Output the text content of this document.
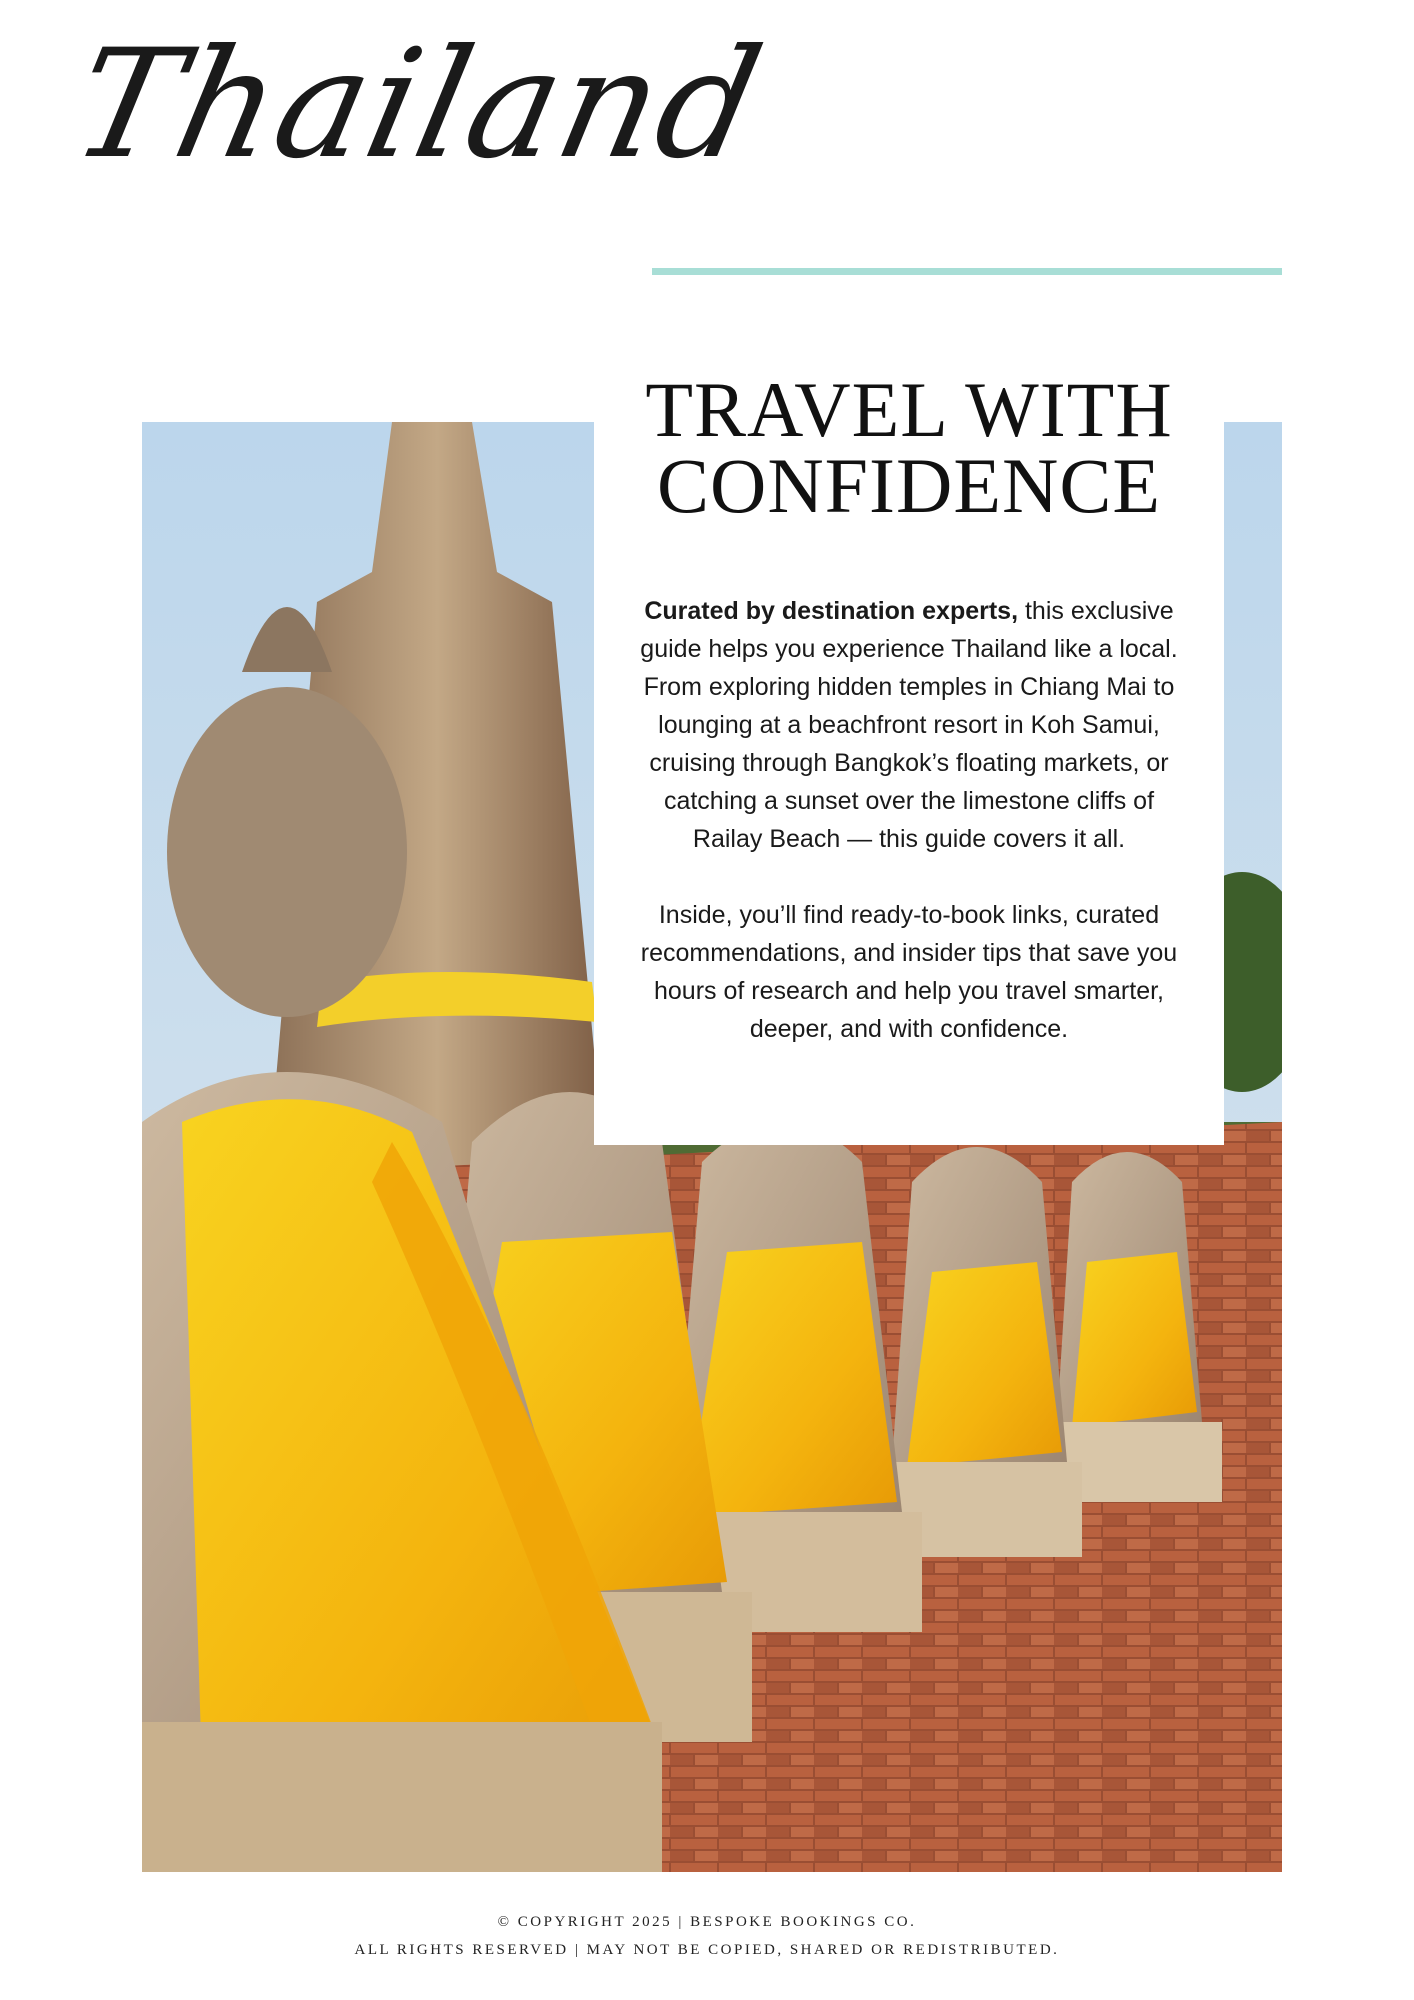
Thailand
TRAVEL WITH
CONFIDENCE

Curated by destination experts, this exclusive guide helps you experience Thailand like a local. From exploring hidden temples in Chiang Mai to lounging at a beachfront resort in Koh Samui, cruising through Bangkok’s floating markets, or catching a sunset over the limestone cliffs of Railay Beach — this guide covers it all.

Inside, you’ll find ready-to-book links, curated recommendations, and insider tips that save you hours of research and help you travel smarter, deeper, and with confidence.

© COPYRIGHT 2025 | BESPOKE BOOKINGS CO.
ALL RIGHTS RESERVED | MAY NOT BE COPIED, SHARED OR REDISTRIBUTED.
